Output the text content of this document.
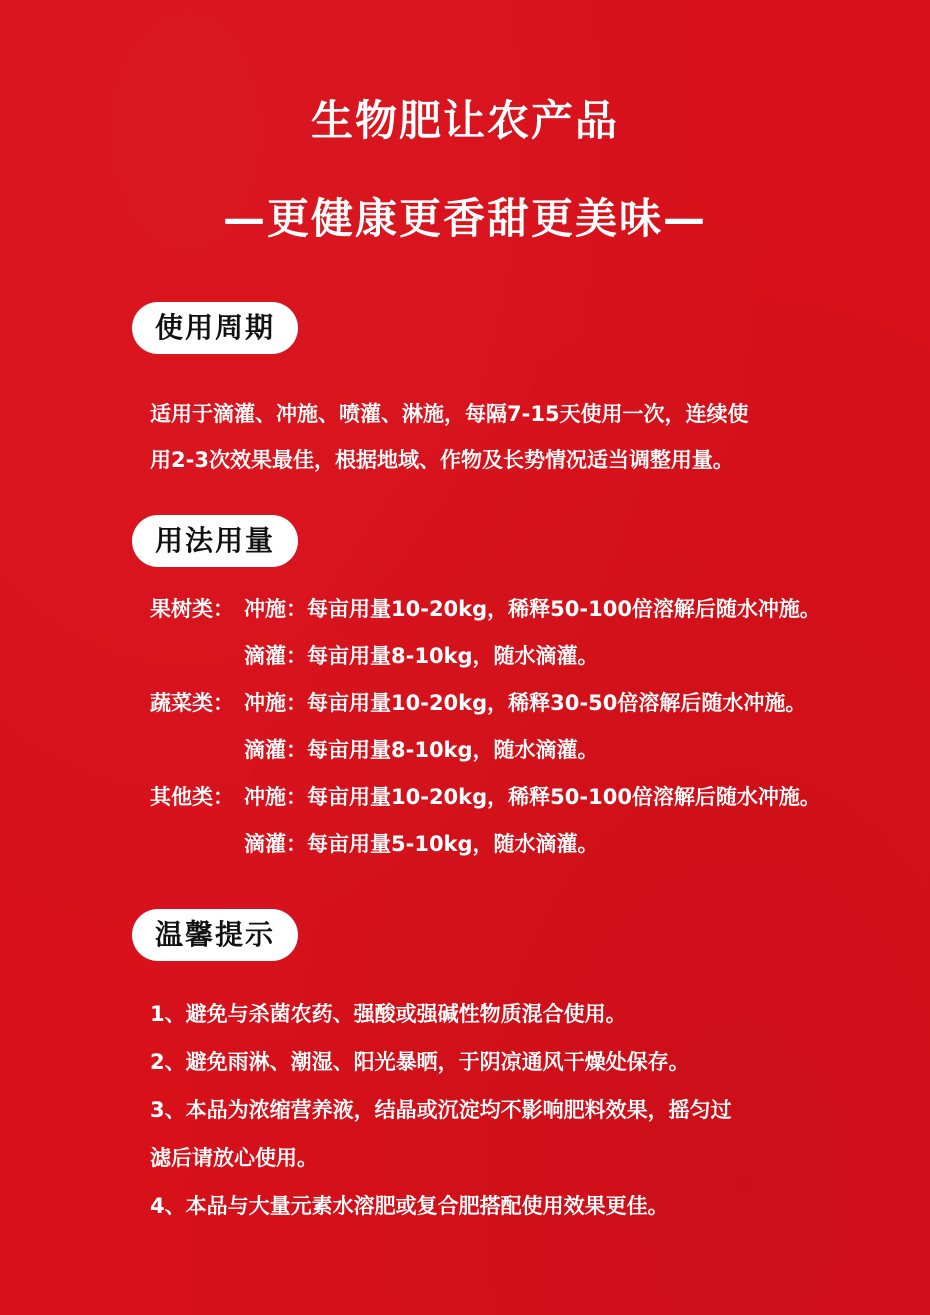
生物肥让农产品
—更健康更香甜更美味—
使用周期
适用于滴灌、冲施、喷灌、淋施，每隔7-15天使用一次，连续使
用2-3次效果最佳，根据地域、作物及长势情况适当调整用量。
用法用量
果树类： 冲施：每亩用量10-20kg，稀释50-100倍溶解后随水冲施。
滴灌：每亩用量8-10kg，随水滴灌。
蔬菜类： 冲施：每亩用量10-20kg，稀释30-50倍溶解后随水冲施。
滴灌：每亩用量8-10kg，随水滴灌。
其他类： 冲施：每亩用量10-20kg，稀释50-100倍溶解后随水冲施。
滴灌：每亩用量5-10kg，随水滴灌。
温馨提示
1、避免与杀菌农药、强酸或强碱性物质混合使用。
2、避免雨淋、潮湿、阳光暴晒，于阴凉通风干燥处保存。
3、本品为浓缩营养液，结晶或沉淀均不影响肥料效果，摇匀过
滤后请放心使用。
4、本品与大量元素水溶肥或复合肥搭配使用效果更佳。
